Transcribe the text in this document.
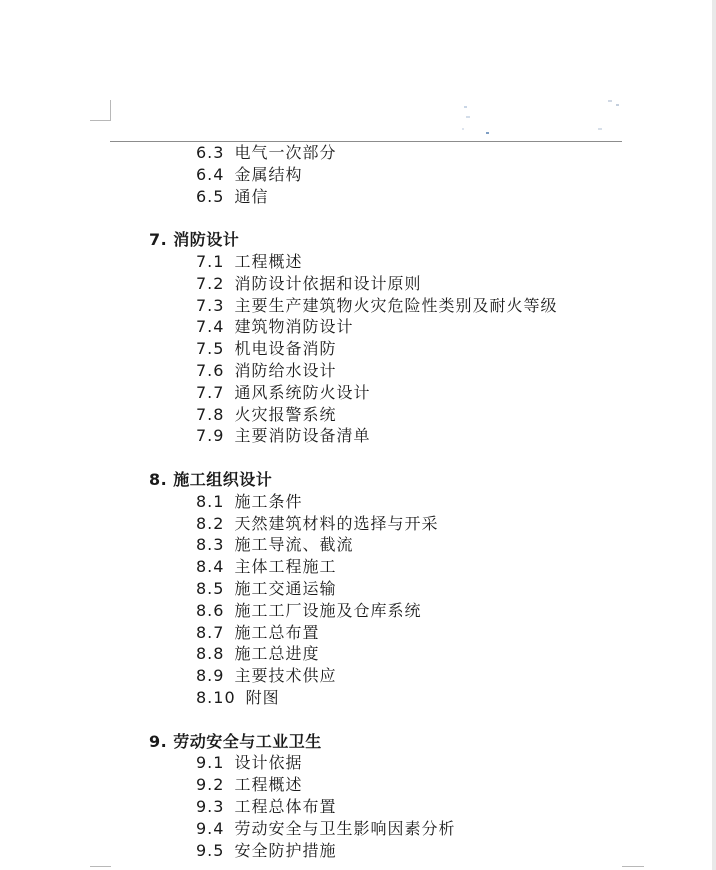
6.3 电气一次部分
6.4 金属结构
6.5 通信
7. 消防设计
7.1 工程概述
7.2 消防设计依据和设计原则
7.3 主要生产建筑物火灾危险性类别及耐火等级
7.4 建筑物消防设计
7.5 机电设备消防
7.6 消防给水设计
7.7 通风系统防火设计
7.8 火灾报警系统
7.9 主要消防设备清单
8. 施工组织设计
8.1 施工条件
8.2 天然建筑材料的选择与开采
8.3 施工导流、截流
8.4 主体工程施工
8.5 施工交通运输
8.6 施工工厂设施及仓库系统
8.7 施工总布置
8.8 施工总进度
8.9 主要技术供应
8.10 附图
9. 劳动安全与工业卫生
9.1 设计依据
9.2 工程概述
9.3 工程总体布置
9.4 劳动安全与卫生影响因素分析
9.5 安全防护措施
